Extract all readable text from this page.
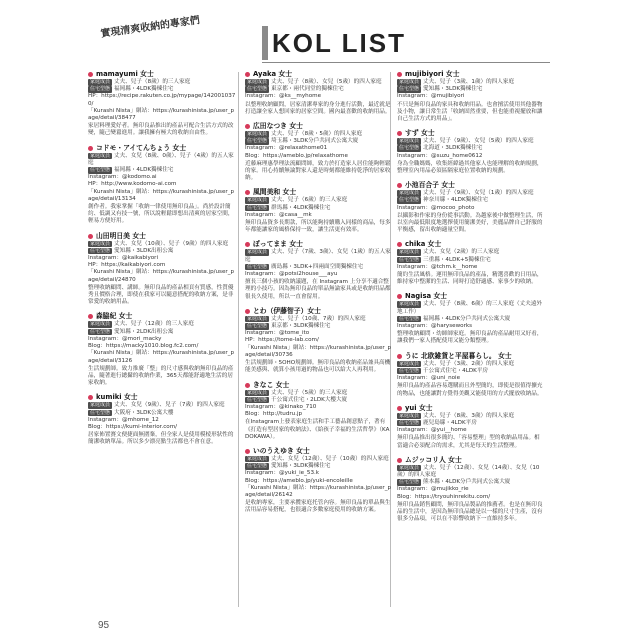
實現清爽收納的專家們
KOL LIST
mamayumi 女士
家庭成員 丈夫、兒子（8歲）的三人家庭
住宅型態 福岡縣・4LDK獨棟住宅
HP：https://recipe.rakuten.co.jp/mypage/1420010370/
「Kurashi Nista」網站：https://kurashinista.jp/user_page/detail/38477
家居料理愛好者。無印良品推出的產品可配合生活方式的改變，隨己變囂進用。讓我擁有極大的收納自由性。
コドモ・アイてんちょう 女士
家庭成員 丈夫、女兒（8歲、0歲）、兒子（4歲）的五人家庭
住宅型態 福岡縣・4LDK獨棟住宅
Instagram：@kodomo.ai
HP：http://www.kodomo-ai.com
「Kurashi Nista」網站：https://kurashinista.jp/user_page/detail/13134
創作者。我家掌握「收納一律使用無印良品」。尚於設計簡約、低調又有技一號，所以說輕鬆即想出清爽的居家空間，輕易方便好用。
山田明日美 女士
家庭成員 丈夫、女兒（10歲）、兒子（9歲）的四人家庭
住宅型態 愛知縣・3LDK出租公寓
Instagram：@kaikabiyori
HP：https://kaikabiyori.com
「Kurashi Nista」網站：https://kurashinista.jp/user_page/detail/24870
整理收納顧問、講師。無印良品的產品相頁有質感，性質優秀且價格合理，即使在我家可以隨意搭配的收納方案，是非常愛的收納用品。
森脇紀 女士
家庭成員 丈夫、兒子（12歲）的三人家庭
住宅型態 愛知縣・2LDK出租公寓
Instagram：@mori_macky
Blog：https://macky1010.blog.fc2.com/
「Kurashi Nista」網站：https://kurashinista.jp/user_page/detail/3126
生活規劃師。致力推廣「整」的尺寸感與收納無印良品的產品，隨著進行總攝的收納作業，365天都能舒適地生活的居家收納。
kumiki 女士
家庭成員 丈夫、女兒（9歲）、兒子（7歲）的四人家庭
住宅型態 大阪府・3LDK公寓大樓
Instagram：@mhome_12
Blog：https://kumi-interior.com/
居家佈置賽文便捷面無圍棄，但全家人是使用模棱形狀性的簡潔收納單品。所以多少漂亮點生活都也不會在意。
Ayaka 女士
家庭成員 丈夫、兒子（8歲）、女兒（5歲）的四人家庭
住宅型態 東京都・兩代同堂的獨棟住宅
Instagram：@ks__myhome
以整理收納顧問，居家清潔專家的身分進行活動，最近就是打造讓全家人想回家的居家空間。國內最喜歡的收納用品。
広田なつき 女士
家庭成員 丈夫、兒子（8歲・5歲）的四人家庭
住宅型態 埼玉縣・3LDK分戶共同式公寓大廈
Instagram：@relaxathome01
Blog：https://ameblo.jp/relaxathome
近藤麻理惠學理法流顧問師，致力於打造家人居住能夠輕鬆的家。用心持續無論對家人還是時刻都能維持乾淨的居家收納。
風間美和 女士
家庭成員 丈夫、兒子（6歲）的三人家庭
住宅型態 群馬縣・4LDK獨棟住宅
Instagram：@casa__mk
無印良品資多長期款，所以能夠持續購入同樣的商品，每多年都能讓家的風格保持一致，讓生活更有效率。
ぼってまま 女士
家庭成員 丈夫、兒子（7歲、3歲）、女兒（1歲）的五人家庭
住宅型態 廣島縣・3LDK+四兩面空間獨棟住宅
Instagram：@potsi2house___ayu
擅長三個小孩的收納議題，在 Instagram 上分享不適合整理的小技巧。因為無印良品的單品無論家具或是收納用品都很長久使用，所以一直會留用。
とわ（伊藤智子）女士
家庭成員 丈夫、兒子（10歲、7歲）的四人家庭
住宅型態 東京都・3LDK獨棟住宅
Instagram：@tome_ito
HP：https://tome-lab.com/
「Kurashi Nista」網站：https://kurashinista.jp/user_page/detail/30736
生活規劃師・5OHO規劃師。無印良品的收納產品兼具高機能美感與、就算小孩用過的物品也可以給大人再利用。
きなこ 女士
家庭成員 丈夫、兒子（5歲）的三人家庭
住宅型態 千公寓式住宅・2LDK大樓大廈
Instagram：@kinako_710
Blog：http://tudru.jp
在Instagram上發表家庭生活和手工藝品創意點子，著有《打造有型居家的收納法》、《給孩子幸福的生活哲學》（KADOKAWA）。
いのうえゆき 女士
家庭成員 丈夫、女兒（12歲）、兒子（10歲）的四人家庭
住宅型態 愛知縣・3LDK獨棟住宅
Instagram：@yuki_ie_53.k
Blog：https://ameblo.jp/yuki-encoleille
「Kurashi Nista」網站：https://kurashinista.jp/user_page/detail/26142
是收納專家，主要承攬家庭托管內容。無印良品的單品與生活用品容易搭配，也很適合多數家庭使用的收納方案。
mujibiyori 女士
家庭成員 丈夫、兒子（3歲、1歲）的四人家庭
住宅型態 愛知縣・3LDK獨棟住宅
Instagram：@mujibiyori
不只是無印良品的家具和收納用品。也會擅活使用其他器物及小物，讓日常生活「收納固然重要，但也能重視擺放和讓自己生活方式的用品」。
すず 女士
家庭成員 丈夫、兒子（9歲）、女兒（5歲）的四人家庭
住宅型態 北海道・3LDK獨棟住宅
Instagram：@suzu_home0612
身為全職媽媽，收集經緯過其他家人也能理解的收納規劃，整理室內用品必須區隔家庭位置收納的規劃。
小池百合子 女士
家庭成員 丈夫、兒子（9歲）、女兒（1歲）的四人家庭
住宅型態 神奈川縣・4LDK獨棟住宅
Instagram：@mocoo_photo
以攝影和作家的身份從事活動。為越家後中做整理生活，所以室內最低限度地選擇使用簡潔美好，美麗品牌自己舒服的平衡感，留出收納適量空間。
chika 女士
家庭成員 丈夫、女兒（2歲）的三人家庭
住宅型態 三重縣・4LDK+5獨棟住宅
Instagram：@tchm.k__home
簡約生活風格。運用無印良品的產品，精選喜歡的日用品，維持家中整潔的生活、同時打造舒適感、家事少的收納。
Nagisa 女士
家庭成員 丈夫、兒子（8歲、6歲）的三人家庭（丈夫遠外地工作）
住宅型態 福岡縣・4LDK分戶共同式公寓大廈
Instagram：@haryseworks
整理收納顧問・幼師師家庭。無印良品的產品耐用又好看，讓我們一家人搭配使用又能分類整理。
うに 北欧雑貨と平屋暮らし。 女士
家庭成員 丈夫、兒子（3歲、2歲）的四人家庭
住宅型態 千公寓式住宅・4LDK平房
Instagram：@uni_noie
無印良品的產品容易選購而且外型簡約，即使是很值得擴充的物品，也能讓對方覺得美觀又能使用的方式擺放收納品。
yui 女士
家庭成員 丈夫、兒子（8歲、3歲）的四人家庭
住宅型態 鹿兒島縣・4LDK平房
Instagram：@yui__home
無印良品推出很多簡約、「容易整理」型的收納品用品。相當適合必須配合的需求，尤其是每天的生活整理。
ムジッコリ人 女士
家庭成員 丈夫、兒子（12歲）、女兒（14歲）、女兒（10歲）的四人家庭
住宅型態 熊本縣・4LDK分戶共同式公寓大廈
Instagram：@mujikko_rie
Blog：https://tryouhinrekitu.com/
無印良品銷售顧問，無印良品製品的推薦者。也是在無印良品的生活中，是因為無印良品總是以一樣的尺寸生產，沒有很多分品項，可以在不影響收納下一直維持多年。
95
